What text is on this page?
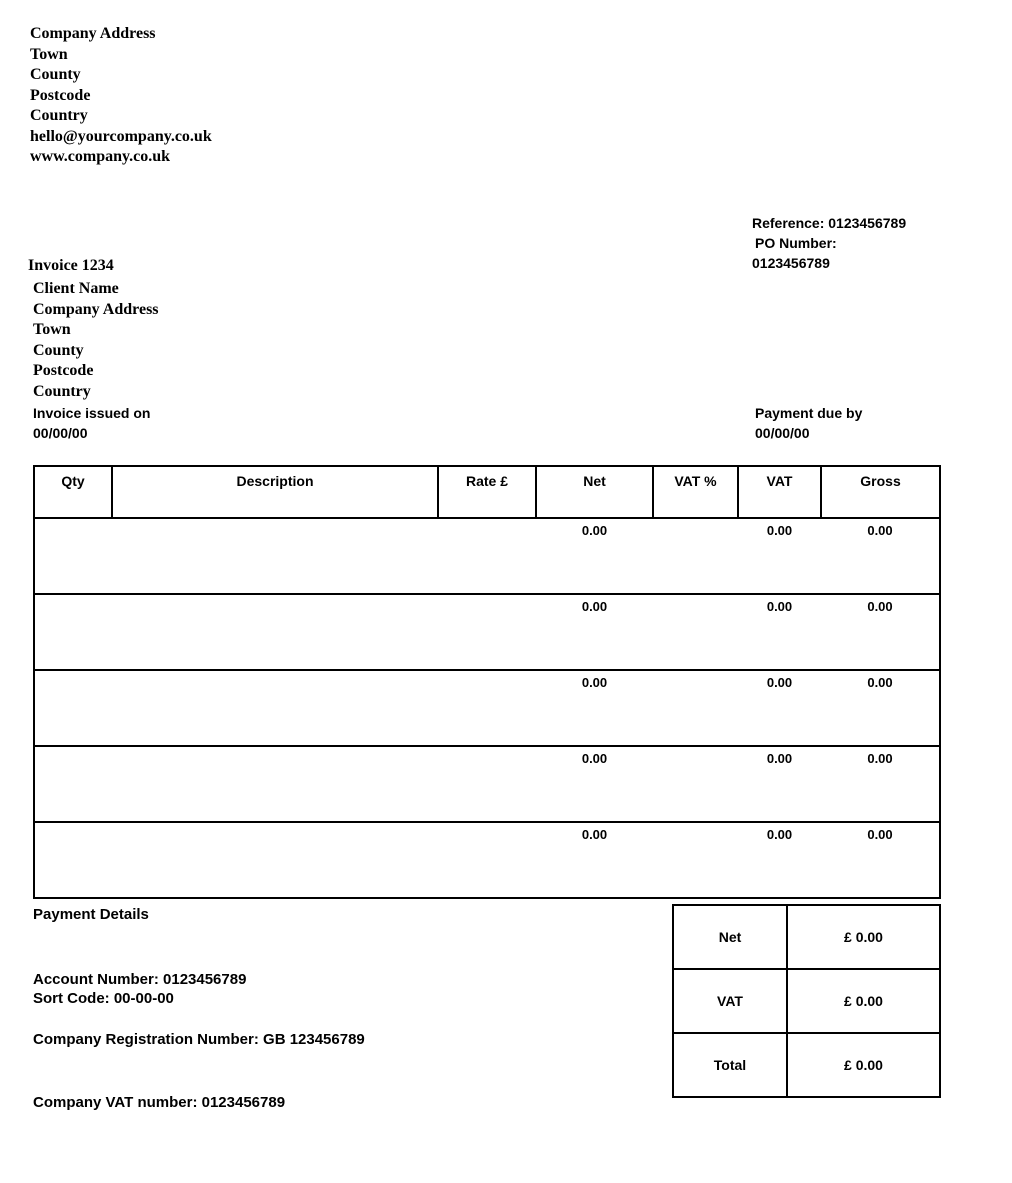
Company Address
Town
County
Postcode
Country
hello@yourcompany.co.uk
www.company.co.uk
Reference: 0123456789
PO Number:
0123456789
Invoice 1234
Client Name
Company Address
Town
County
Postcode
Country
Invoice issued on
00/00/00
Payment due by
00/00/00
Qty	Description	Rate £	Net	VAT %	VAT	Gross
			0.00		0.00	0.00
			0.00		0.00	0.00
			0.00		0.00	0.00
			0.00		0.00	0.00
			0.00		0.00	0.00
Payment Details
Account Number: 0123456789
Sort Code: 00-00-00
Company Registration Number: GB 123456789
Company VAT number: 0123456789
Net	£ 0.00
VAT	£ 0.00
Total	£ 0.00
